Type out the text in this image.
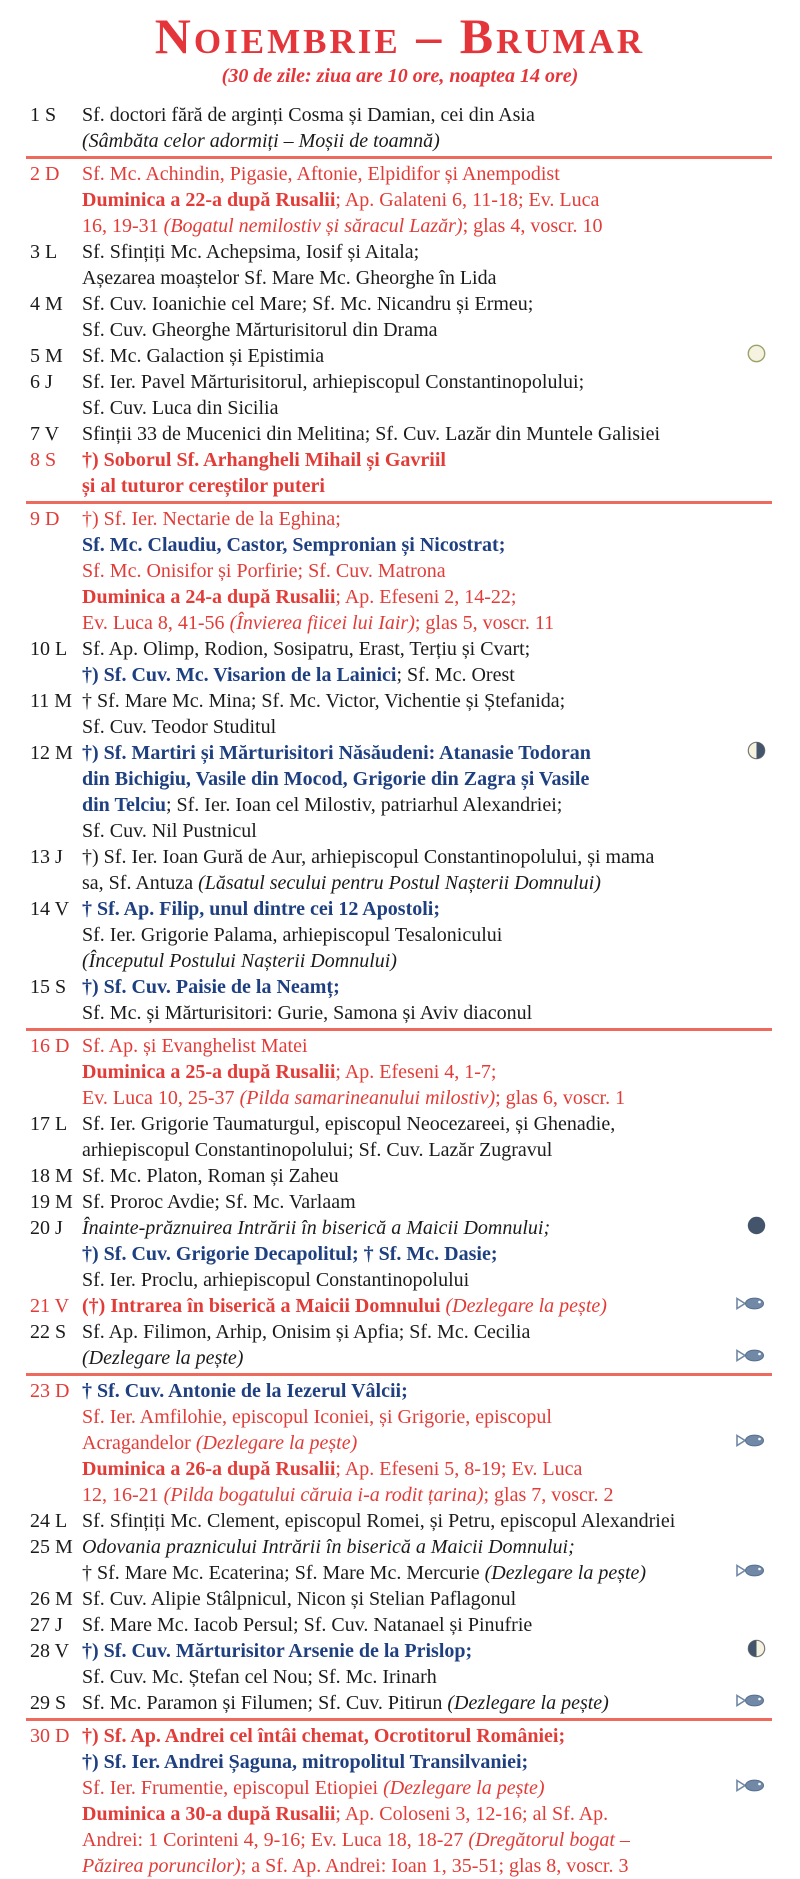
Noiembrie – Brumar
(30 de zile: ziua are 10 ore, noaptea 14 ore)
1 S	Sf. doctori fără de arginți Cosma și Damian, cei din Asia
(Sâmbăta celor adormiți – Moșii de toamnă)
2 D	Sf. Mc. Achindin, Pigasie, Aftonie, Elpidifor și Anempodist
Duminica a 22-a după Rusalii; Ap. Galateni 6, 11-18; Ev. Luca
16, 19-31 (Bogatul nemilostiv și săracul Lazăr); glas 4, voscr. 10
3 L	Sf. Sfințiți Mc. Achepsima, Iosif și Aitala;
Așezarea moaștelor Sf. Mare Mc. Gheorghe în Lida
4 M Sf. Cuv. Ioanichie cel Mare; Sf. Mc. Nicandru și Ermeu;
Sf. Cuv. Gheorghe Mărturisitorul din Drama
5 M Sf. Mc. Galaction și Epistimia
6 J	Sf. Ier. Pavel Mărturisitorul, arhiepiscopul Constantinopolului;
Sf. Cuv. Luca din Sicilia
7 V	Sfinții 33 de Mucenici din Melitina; Sf. Cuv. Lazăr din Muntele Galisiei
8 S	†) Soborul Sf. Arhangheli Mihail și Gavriil
și al tuturor cereștilor puteri
9 D	†) Sf. Ier. Nectarie de la Eghina;
Sf. Mc. Claudiu, Castor, Sempronian și Nicostrat;
Sf. Mc. Onisifor și Porfirie; Sf. Cuv. Matrona
Duminica a 24-a după Rusalii; Ap. Efeseni 2, 14-22;
Ev. Luca 8, 41-56 (Învierea fiicei lui Iair); glas 5, voscr. 11
10 L Sf. Ap. Olimp, Rodion, Sosipatru, Erast, Terțiu și Cvart;
†) Sf. Cuv. Mc. Visarion de la Lainici; Sf. Mc. Orest
11 M † Sf. Mare Mc. Mina; Sf. Mc. Victor, Vichentie și Ștefanida;
Sf. Cuv. Teodor Studitul
12 M †) Sf. Martiri și Mărturisitori Năsăudeni: Atanasie Todoran
din Bichigiu, Vasile din Mocod, Grigorie din Zagra și Vasile
din Telciu; Sf. Ier. Ioan cel Milostiv, patriarhul Alexandriei;
Sf. Cuv. Nil Pustnicul
13 J †) Sf. Ier. Ioan Gură de Aur, arhiepiscopul Constantinopolului, și mama
sa, Sf. Antuza (Lăsatul secului pentru Postul Nașterii Domnului)
14 V † Sf. Ap. Filip, unul dintre cei 12 Apostoli;
Sf. Ier. Grigorie Palama, arhiepiscopul Tesalonicului
(Începutul Postului Nașterii Domnului)
15 S †) Sf. Cuv. Paisie de la Neamț;
Sf. Mc. și Mărturisitori: Gurie, Samona și Aviv diaconul
16 D Sf. Ap. și Evanghelist Matei
Duminica a 25-a după Rusalii; Ap. Efeseni 4, 1-7;
Ev. Luca 10, 25-37 (Pilda samarineanului milostiv); glas 6, voscr. 1
17 L Sf. Ier. Grigorie Taumaturgul, episcopul Neocezareei, și Ghenadie,
arhiepiscopul Constantinopolului; Sf. Cuv. Lazăr Zugravul
18 M Sf. Mc. Platon, Roman și Zaheu
19 M Sf. Proroc Avdie; Sf. Mc. Varlaam
20 J Înainte-prăznuirea Intrării în biserică a Maicii Domnului;
†) Sf. Cuv. Grigorie Decapolitul; † Sf. Mc. Dasie;
Sf. Ier. Proclu, arhiepiscopul Constantinopolului
21 V (†) Intrarea în biserică a Maicii Domnului (Dezlegare la pește)
22 S Sf. Ap. Filimon, Arhip, Onisim și Apfia; Sf. Mc. Cecilia
(Dezlegare la pește)
23 D † Sf. Cuv. Antonie de la Iezerul Vâlcii;
Sf. Ier. Amfilohie, episcopul Iconiei, și Grigorie, episcopul
Acragandelor (Dezlegare la pește)
Duminica a 26-a după Rusalii; Ap. Efeseni 5, 8-19; Ev. Luca
12, 16-21 (Pilda bogatului căruia i-a rodit țarina); glas 7, voscr. 2
24 L Sf. Sfințiți Mc. Clement, episcopul Romei, și Petru, episcopul Alexandriei
25 M Odovania praznicului Intrării în biserică a Maicii Domnului;
† Sf. Mare Mc. Ecaterina; Sf. Mare Mc. Mercurie (Dezlegare la pește)
26 M Sf. Cuv. Alipie Stâlpnicul, Nicon și Stelian Paflagonul
27 J Sf. Mare Mc. Iacob Persul; Sf. Cuv. Natanael și Pinufrie
28 V †) Sf. Cuv. Mărturisitor Arsenie de la Prislop;
Sf. Cuv. Mc. Ștefan cel Nou; Sf. Mc. Irinarh
29 S Sf. Mc. Paramon și Filumen; Sf. Cuv. Pitirun (Dezlegare la pește)
30 D †) Sf. Ap. Andrei cel întâi chemat, Ocrotitorul României;
†) Sf. Ier. Andrei Șaguna, mitropolitul Transilvaniei;
Sf. Ier. Frumentie, episcopul Etiopiei (Dezlegare la pește)
Duminica a 30-a după Rusalii; Ap. Coloseni 3, 12-16; al Sf. Ap.
Andrei: 1 Corinteni 4, 9-16; Ev. Luca 18, 18-27 (Dregătorul bogat –
Păzirea poruncilor); a Sf. Ap. Andrei: Ioan 1, 35-51; glas 8, voscr. 3
